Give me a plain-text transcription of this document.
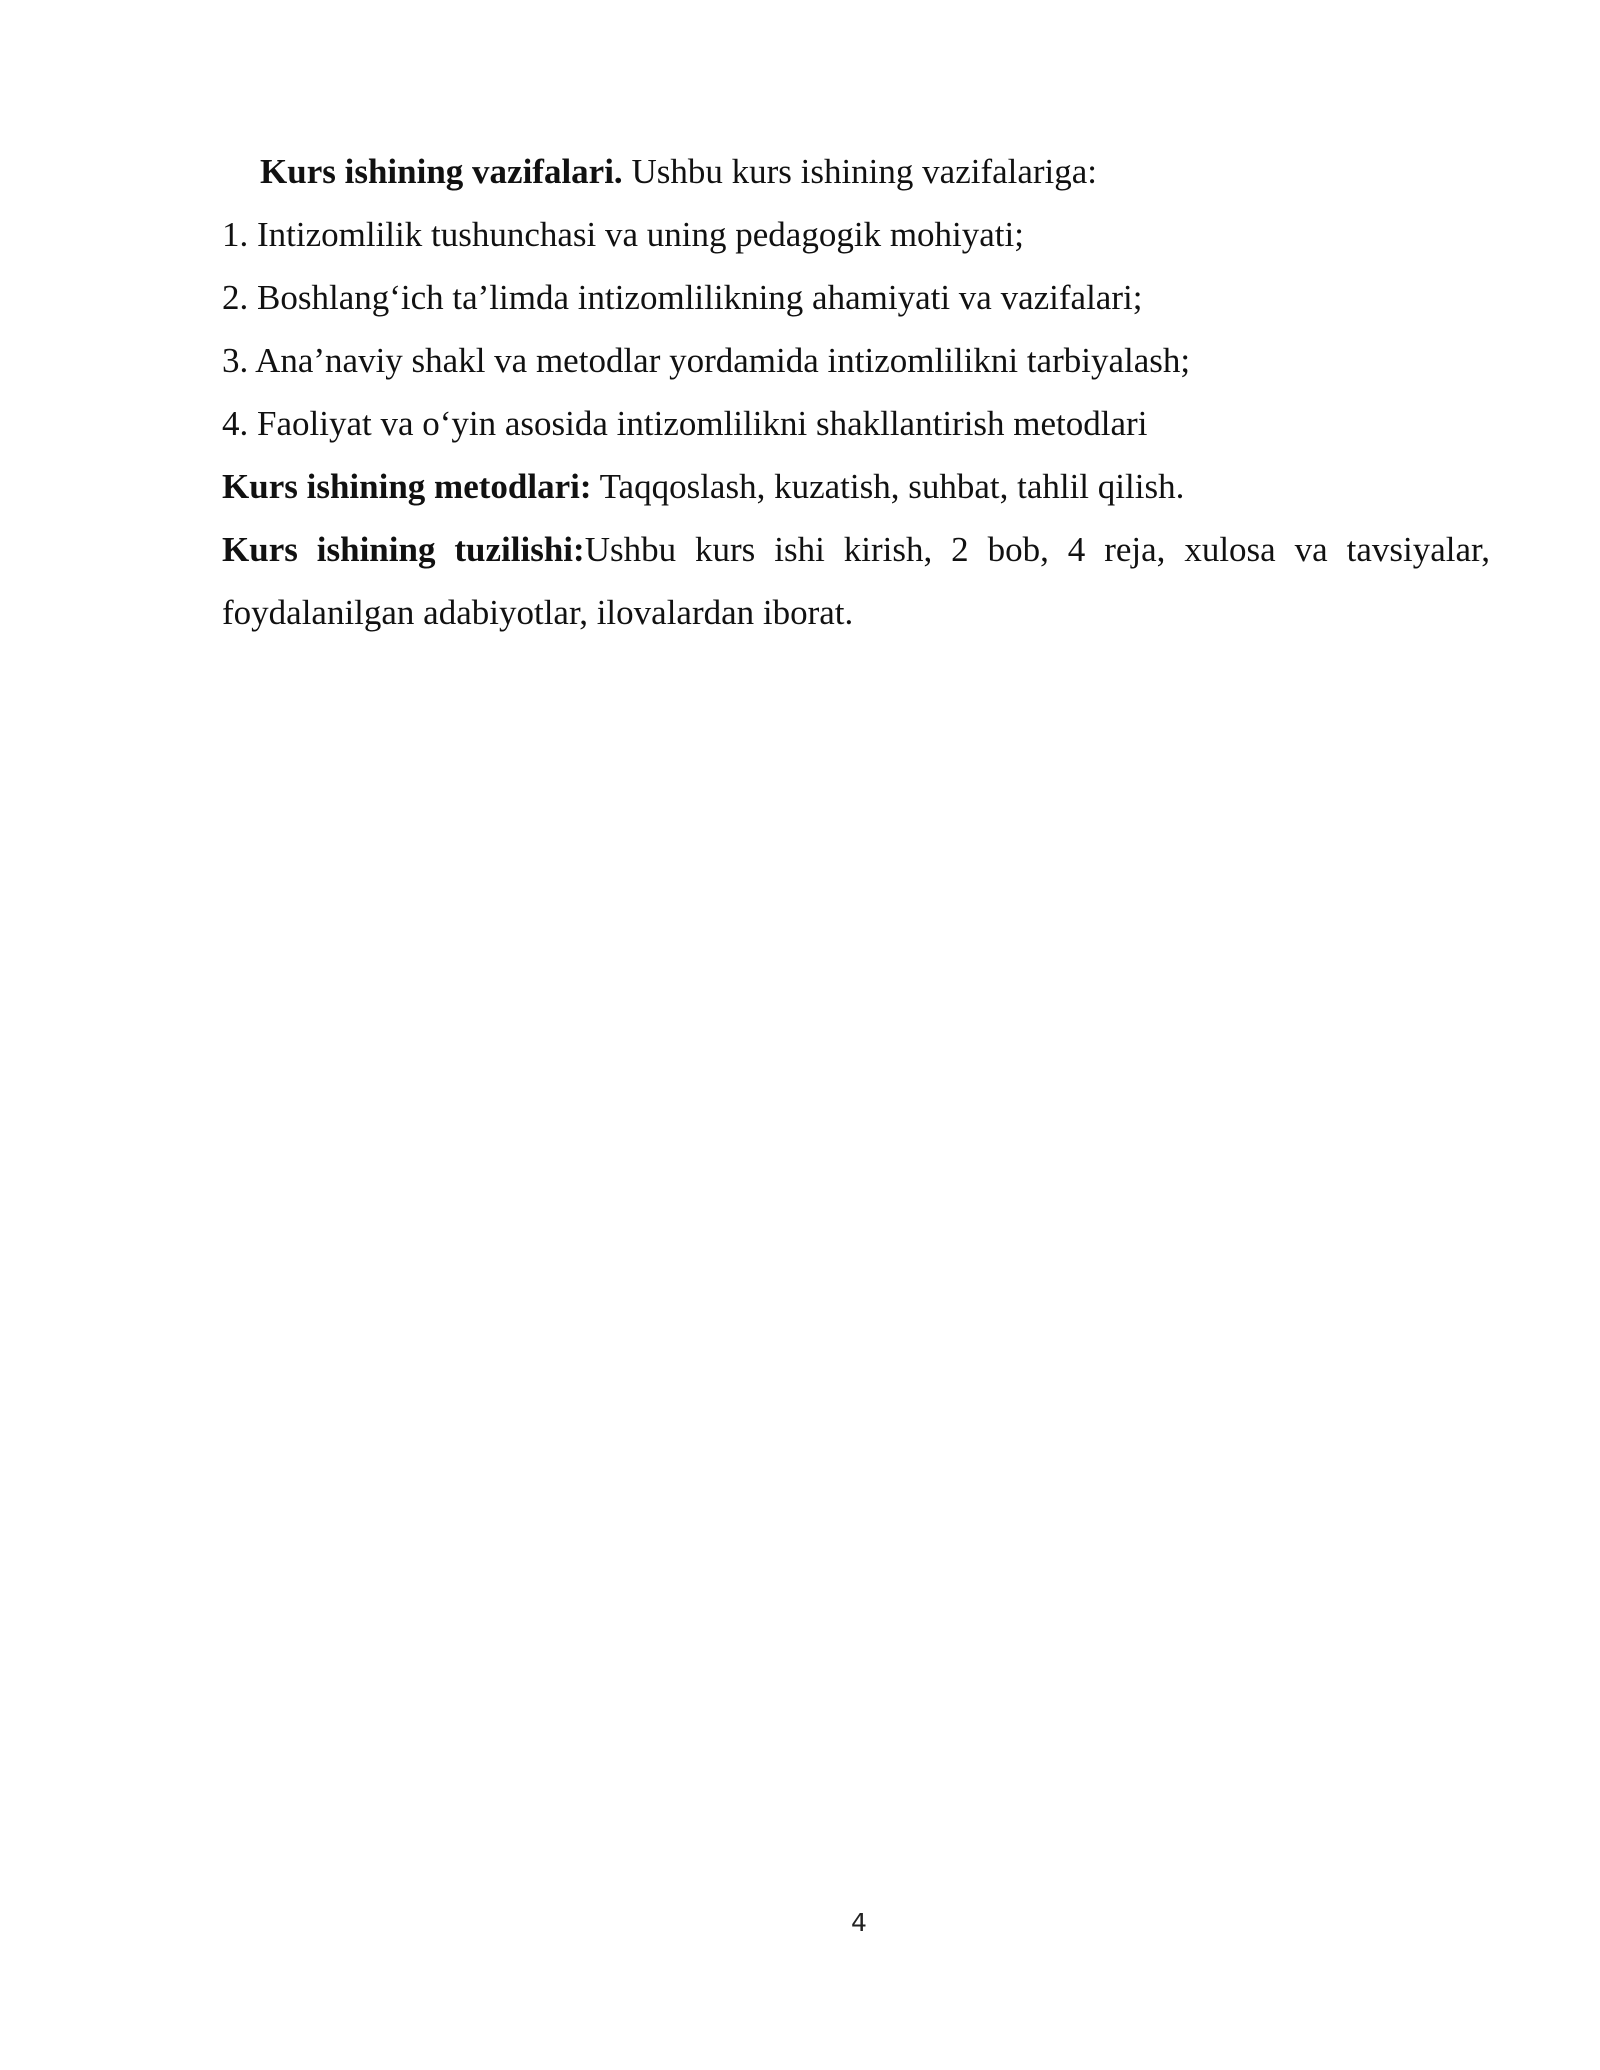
Kurs ishining vazifalari. Ushbu kurs ishining vazifalariga:

1. Intizomlilik tushunchasi va uning pedagogik mohiyati;

2. Boshlang‘ich ta’limda intizomlilikning ahamiyati va vazifalari;

3. Ana’naviy shakl va metodlar yordamida intizomlilikni tarbiyalash;

4. Faoliyat va o‘yin asosida intizomlilikni shakllantirish metodlari

Kurs ishining metodlari: Taqqoslash, kuzatish, suhbat, tahlil qilish.

Kurs ishining tuzilishi:Ushbu kurs ishi kirish, 2 bob, 4 reja, xulosa va tavsiyalar, foydalanilgan adabiyotlar, ilovalardan iborat.

4
